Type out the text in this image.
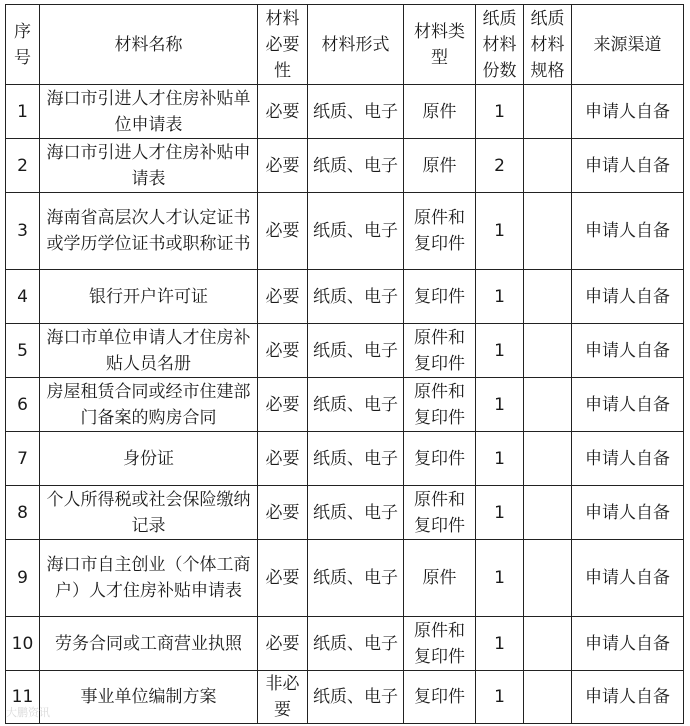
序号	材料名称	材料必要性	材料形式	材料类型	纸质材料份数	纸质材料规格	来源渠道
1	海口市引进人才住房补贴单位申请表	必要	纸质、电子	原件	1		申请人自备
2	海口市引进人才住房补贴申请表	必要	纸质、电子	原件	2		申请人自备
3	海南省高层次人才认定证书或学历学位证书或职称证书	必要	纸质、电子	原件和复印件	1		申请人自备
4	银行开户许可证	必要	纸质、电子	复印件	1		申请人自备
5	海口市单位申请人才住房补贴人员名册	必要	纸质、电子	原件和复印件	1		申请人自备
6	房屋租赁合同或经市住建部门备案的购房合同	必要	纸质、电子	原件和复印件	1		申请人自备
7	身份证	必要	纸质、电子	复印件	1		申请人自备
8	个人所得税或社会保险缴纳记录	必要	纸质、电子	原件和复印件	1		申请人自备
9	海口市自主创业（个体工商户）人才住房补贴申请表	必要	纸质、电子	原件	1		申请人自备
10	劳务合同或工商营业执照	必要	纸质、电子	原件和复印件	1		申请人自备
11	事业单位编制方案	非必要	纸质、电子	复印件	1		申请人自备
大鹏资讯
